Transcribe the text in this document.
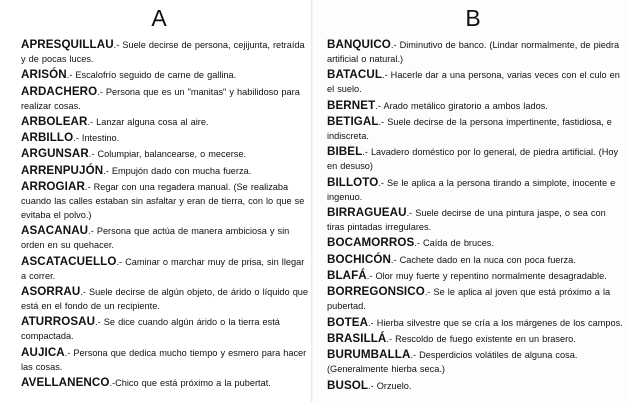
A

APRESQUILLAU.- Suele decirse de persona, cejijunta, retraída y de pocas luces.

ARISÓN.- Escalofrío seguido de carne de gallina.

ARDACHERO.- Persona que es un "manitas" y habilidoso para realizar cosas.

ARBOLEAR.- Lanzar alguna cosa al aire.

ARBILLO.- Intestino.

ARGUNSAR.- Columpiar, balancearse, o mecerse.

ARRENPUJÓN.- Empujón dado con mucha fuerza.

ARROGIAR.- Regar con una regadera manual. (Se realizaba cuando las calles estaban sin asfaltar y eran de tierra, con lo que se evitaba el polvo.)

ASACANAU.- Persona que actúa de manera ambiciosa y sin orden en su quehacer.

ASCATACUELLO.- Caminar o marchar muy de prisa, sin llegar a correr.

ASORRAU.- Suele decirse de algún objeto, de árido o líquido que está en el fondo de un recipiente.

ATURROSAU.- Se dice cuando algún árido o la tierra está compactada.

AUJICA.- Persona que dedica mucho tiempo y esmero para hacer las cosas.

AVELLANENCO.-Chico que está próximo a la pubertat.

B

BANQUICO.- Diminutivo de banco. (Lindar normalmente, de piedra artificial o natural.)

BATACUL.- Hacerle dar a una persona, varias veces con el culo en el suelo.

BERNET.- Arado metálico giratorio a ambos lados.

BETIGAL.- Suele decirse de la persona impertinente, fastidiosa, e indiscreta.

BIBEL.- Lavadero doméstico por lo general, de piedra artificial. (Hoy en desuso)

BILLOTO.- Se le aplica a la persona tirando a simplote, inocente e ingenuo.

BIRRAGUEAU.- Suele decirse de una pintura jaspe, o sea con tiras pintadas irregulares.

BOCAMORROS.- Caída de bruces.

BOCHICÓN.- Cachete dado en la nuca con poca fuerza.

BLAFÁ.- Olor muy fuerte y repentino normalmente desagradable.

BORREGONSICO.- Se le aplica al joven que está próximo a la pubertad.

BOTEA.- Hierba silvestre que se cría a los márgenes de los campos.

BRASILLÁ.- Rescoldo de fuego existente en un brasero.

BURUMBALLA.- Desperdicios volátiles de alguna cosa. (Generalmente hierba seca.)

BUSOL.- Orzuelo.
